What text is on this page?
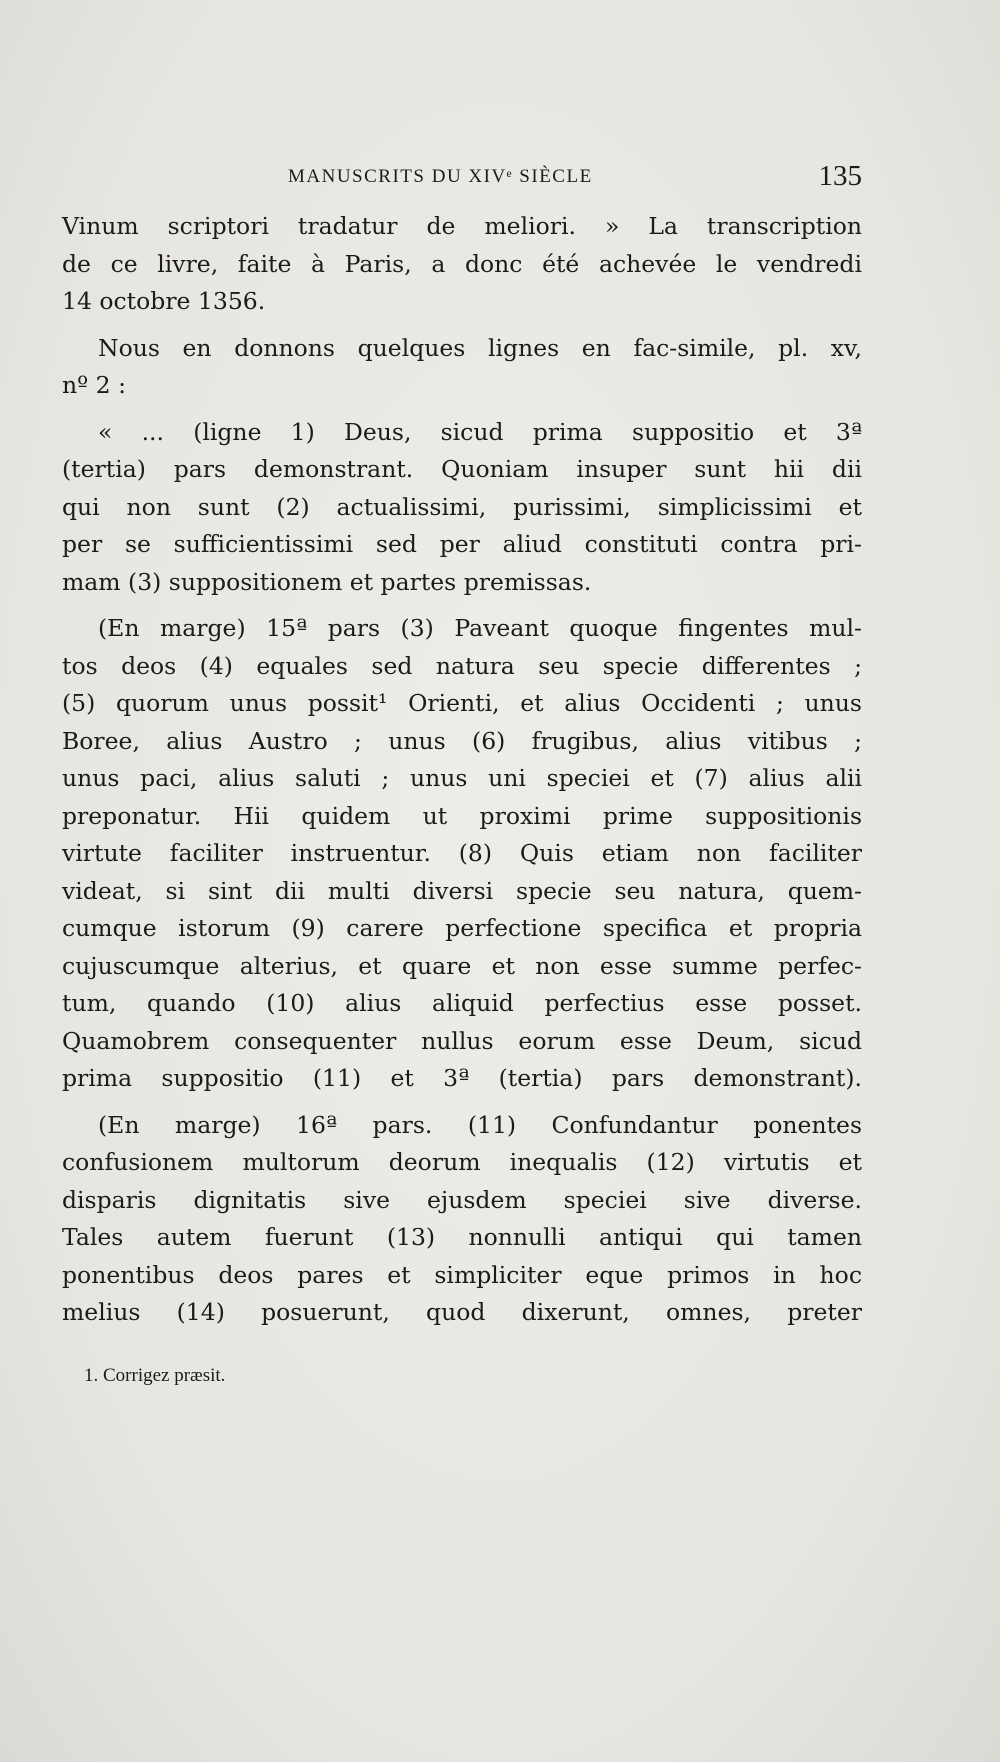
MANUSCRITS DU XIVᵉ SIÈCLE	135
Vinum scriptori tradatur de meliori. » La transcription
de ce livre, faite à Paris, a donc été achevée le vendredi
14 octobre 1356.
Nous en donnons quelques lignes en fac-simile, pl. xv,
nº 2 :
« ... (ligne 1) Deus, sicud prima suppositio et 3ª
(tertia) pars demonstrant. Quoniam insuper sunt hii dii
qui non sunt (2) actualissimi, purissimi, simplicissimi et
per se sufficientissimi sed per aliud constituti contra pri-
mam (3) suppositionem et partes premissas.
(En marge) 15ª pars (3) Paveant quoque fingentes mul-
tos deos (4) equales sed natura seu specie differentes ;
(5) quorum unus possit¹ Orienti, et alius Occidenti ; unus
Boree, alius Austro ; unus (6) frugibus, alius vitibus ;
unus paci, alius saluti ; unus uni speciei et (7) alius alii
preponatur. Hii quidem ut proximi prime suppositionis
virtute faciliter instruentur. (8) Quis etiam non faciliter
videat, si sint dii multi diversi specie seu natura, quem-
cumque istorum (9) carere perfectione specifica et propria
cujuscumque alterius, et quare et non esse summe perfec-
tum, quando (10) alius aliquid perfectius esse posset.
Quamobrem consequenter nullus eorum esse Deum, sicud
prima suppositio (11) et 3ª (tertia) pars demonstrant).
(En marge) 16ª pars. (11) Confundantur ponentes
confusionem multorum deorum inequalis (12) virtutis et
disparis dignitatis sive ejusdem speciei sive diverse.
Tales autem fuerunt (13) nonnulli antiqui qui tamen
ponentibus deos pares et simpliciter eque primos in hoc
melius (14) posuerunt, quod dixerunt, omnes, preter
1. Corrigez præsit.
